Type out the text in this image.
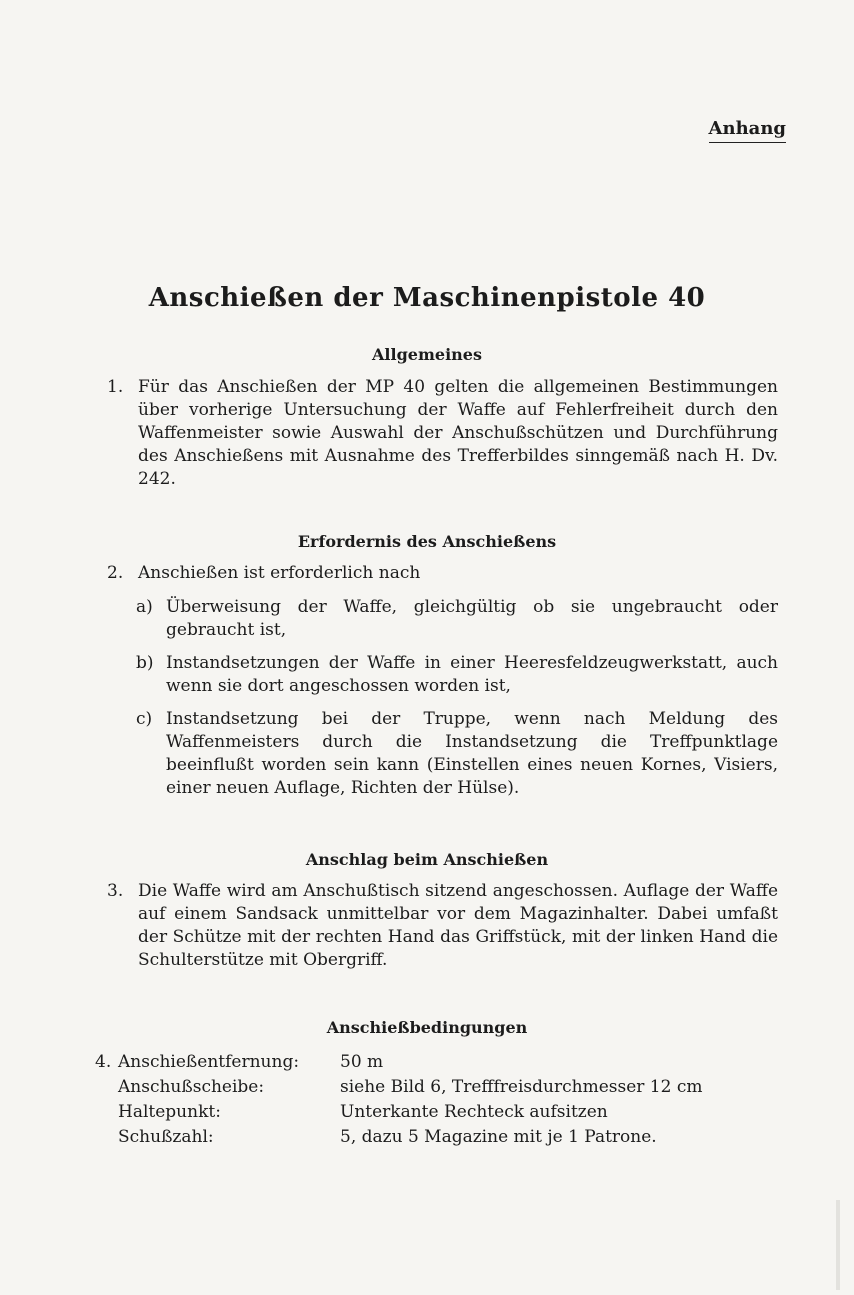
Anhang
Anschießen der Maschinenpistole 40
Allgemeines
1. Für das Anschießen der MP 40 gelten die allgemeinen Bestimmungen über vorherige Untersuchung der Waffe auf Fehlerfreiheit durch den Waffenmeister sowie Auswahl der Anschußschützen und Durchführung des Anschießens mit Ausnahme des Trefferbildes sinngemäß nach H. Dv. 242.
Erfordernis des Anschießens
2. Anschießen ist erforderlich nach
a) Überweisung der Waffe, gleichgültig ob sie ungebraucht oder gebraucht ist,
b) Instandsetzungen der Waffe in einer Heeresfeldzeugwerkstatt, auch wenn sie dort angeschossen worden ist,
c) Instandsetzung bei der Truppe, wenn nach Meldung des Waffenmeisters durch die Instandsetzung die Treffpunktlage beeinflußt worden sein kann (Einstellen eines neuen Kornes, Visiers, einer neuen Auflage, Richten der Hülse).
Anschlag beim Anschießen
3. Die Waffe wird am Anschußtisch sitzend angeschossen. Auflage der Waffe auf einem Sandsack unmittelbar vor dem Magazinhalter. Dabei umfaßt der Schütze mit der rechten Hand das Griffstück, mit der linken Hand die Schulterstütze mit Obergriff.
Anschießbedingungen
4. Anschießentfernung: 50 m
Anschußscheibe:	siehe Bild 6, Trefffreisdurchmesser 12 cm
Haltepunkt:	Unterkante Rechteck aufsitzen
Schußzahl:	5, dazu 5 Magazine mit je 1 Patrone.
